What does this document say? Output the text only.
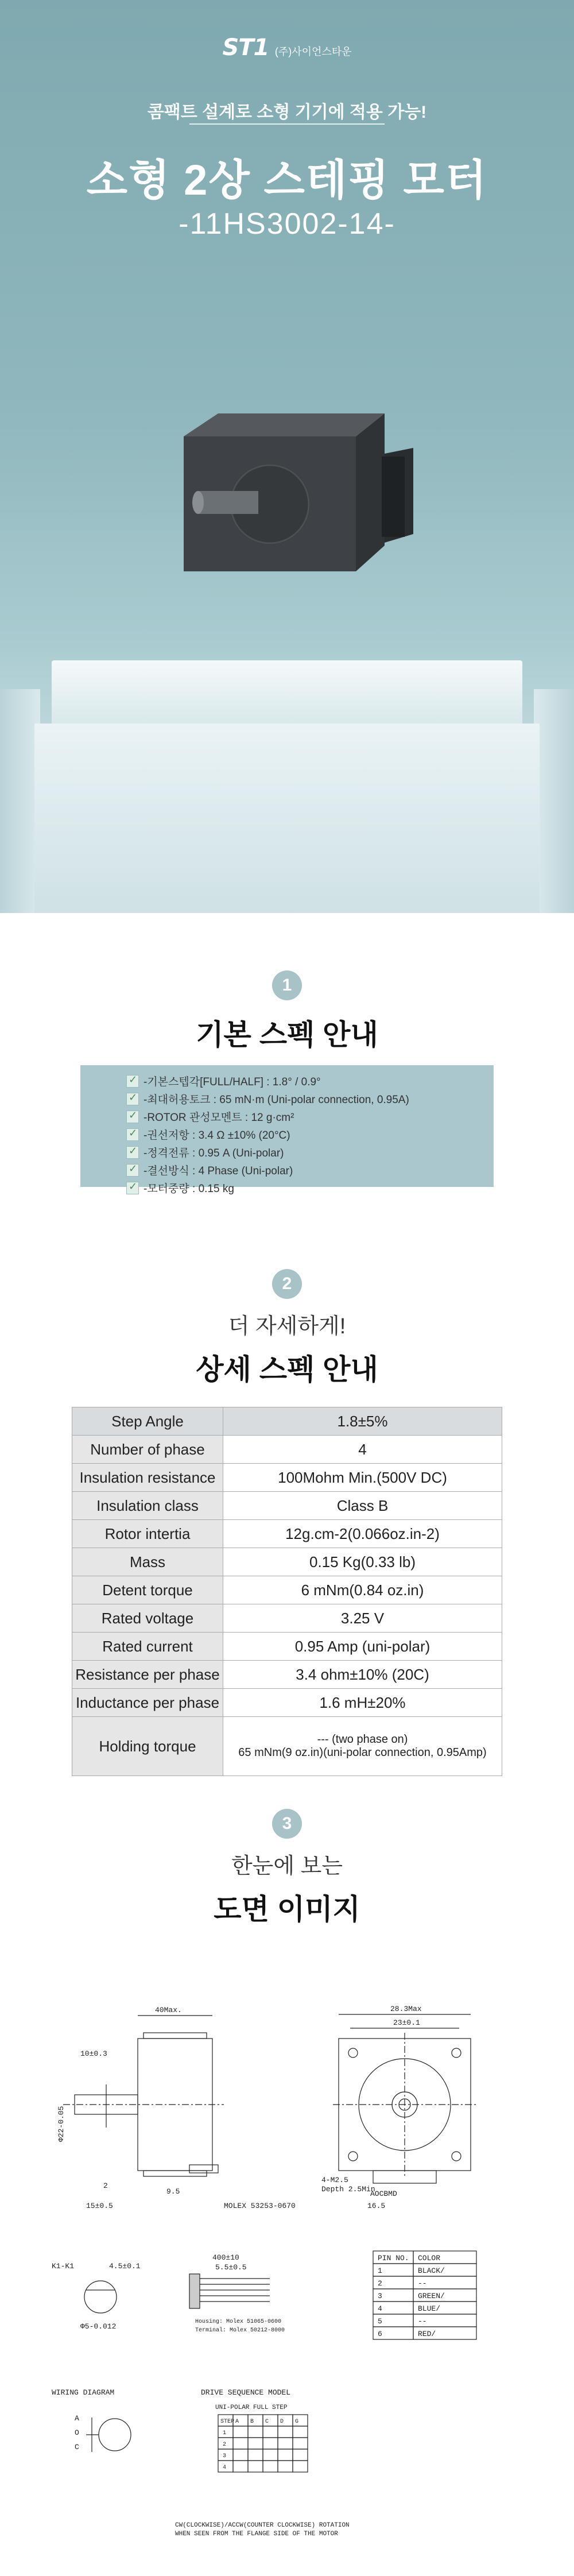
ST1 (주)사이언스타운
콤팩트 설계로 소형 기기에 적용 가능!
소형 2상 스테핑 모터
-11HS3002-14-
1
기본 스펙 안내
✓
-기본스텝각[FULL/HALF] : 1.8° / 0.9°
✓
-최대허용토크 : 65 mN·m (Uni-polar connection, 0.95A)
✓
-ROTOR 관성모멘트 : 12 g·cm²
✓
-권선저항 : 3.4 Ω ±10% (20°C)
✓
-정격전류 : 0.95 A (Uni-polar)
✓
-결선방식 : 4 Phase (Uni-polar)
✓
-모터중량 : 0.15 kg
2
더 자세하게!
상세 스펙 안내
Step Angle	1.8±5%
Number of phase	4
Insulation resistance	100Mohm Min.(500V DC)
Insulation class	Class B
Rotor intertia	12g.cm-2(0.066oz.in-2)
Mass	0.15 Kg(0.33 lb)
Detent torque	6 mNm(0.84 oz.in)
Rated voltage	3.25 V
Rated current	0.95 Amp (uni-polar)
Resistance per phase	3.4 ohm±10% (20C)
Inductance per phase	1.6 mH±20%
Holding torque	--- (two phase on)
65 mNm(9 oz.in)(uni-polar connection, 0.95Amp)
3
한눈에 보는
도면 이미지
40Max.
10±0.3
2
15±0.5
9.5
Φ22-0.05
28.3Max
23±0.1
4-M2.5
Depth 2.5Min
AOCBMD
16.5
MOLEX 53253-0670
K1-K1	4.5±0.1
Φ5-0.012
400±10
5.5±0.5
Housing: Molex 51065-0600
Terminal: Molex 50212-8000
PIN NO. COLOR
1	BLACK/
2	--
3	GREEN/
4	BLUE/
5	--
6	RED/
WIRING DIAGRAM
A
O
C
DRIVE SEQUENCE MODEL
UNI-POLAR FULL STEP
STEP A B C D G
1
2
3
4
CW(CLOCKWISE)/ACCW(COUNTER CLOCKWISE) ROTATION
WHEN SEEN FROM THE FLANGE SIDE OF THE MOTOR
